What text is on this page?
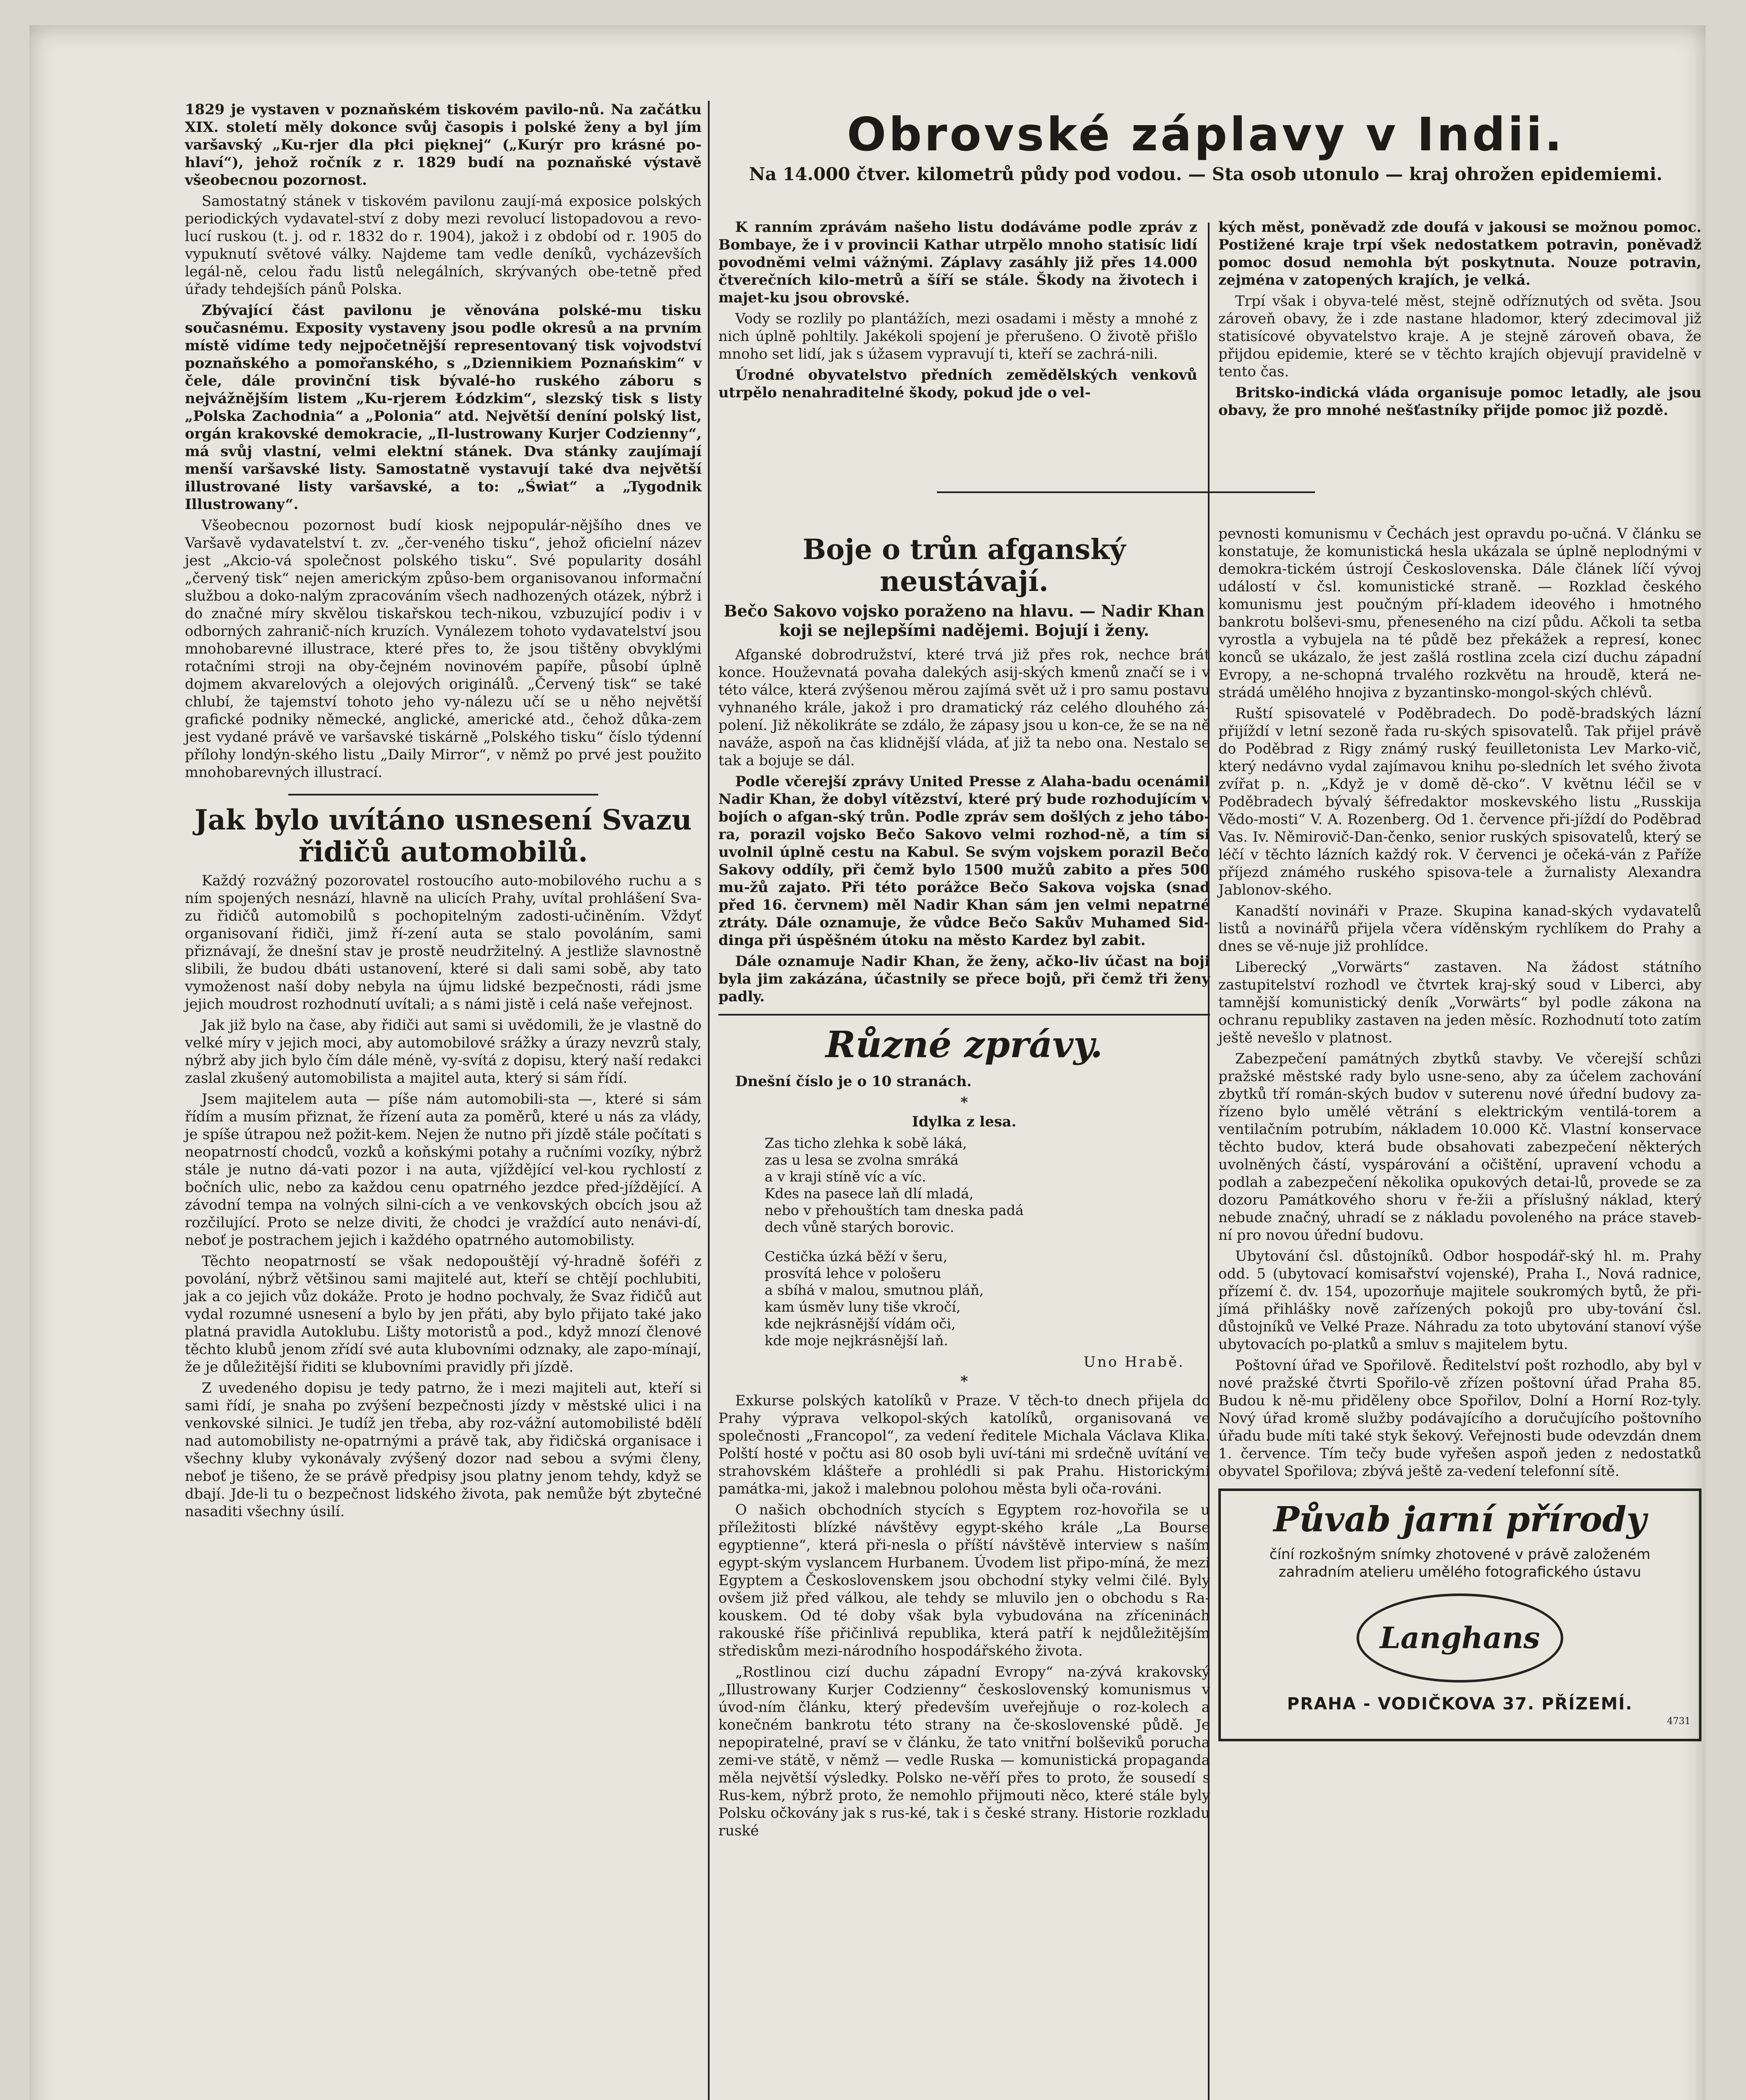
1829 je vystaven v poznaňském tiskovém pavilo-nů. Na začátku XIX. století měly dokonce svůj časopis i polské ženy a byl jím varšavský „Ku-rjer dla płci pięknej“ („Kurýr pro krásné po-hlaví“), jehož ročník z r. 1829 budí na poznaňské výstavě všeobecnou pozornost.

Samostatný stánek v tiskovém pavilonu zaují-má exposice polských periodických vydavatel-ství z doby mezi revolucí listopadovou a revo-lucí ruskou (t. j. od r. 1832 do r. 1904), jakož i z období od r. 1905 do vypuknutí světové války. Najdeme tam vedle deníků, vycházevších legál-ně, celou řadu listů nelegálních, skrývaných obe-tetně před úřady tehdejších pánů Polska.

Zbývající část pavilonu je věnována polské-mu tisku současnému. Exposity vystaveny jsou podle okresů a na prvním místě vidíme tedy nejpočetnější representovaný tisk vojvodství poznaňského a pomořanského, s „Dziennikiem Poznańskim“ v čele, dále provinční tisk bývalé-ho ruského záboru s nejvážnějším listem „Ku-rjerem Łódzkim“, slezský tisk s listy „Polska Zachodnia“ a „Polonia“ atd. Největší deníní polský list, orgán krakovské demokracie, „Il-lustrowany Kurjer Codzienny“, má svůj vlastní, velmi elektní stánek. Dva stánky zaujímají menší varšavské listy. Samostatně vystavují také dva největší illustrované listy varšavské, a to: „Świat“ a „Tygodnik Illustrowany“.

Všeobecnou pozornost budí kiosk nejpopulár-nějšího dnes ve Varšavě vydavatelství t. zv. „čer-veného tisku“, jehož oficielní název jest „Akcio-vá společnost polského tisku“. Své popularity dosáhl „červený tisk“ nejen americkým způso-bem organisovanou informační službou a doko-nalým zpracováním všech nadhozených otázek, nýbrž i do značné míry skvělou tiskařskou tech-nikou, vzbuzující podiv i v odborných zahranič-ních kruzích. Vynálezem tohoto vydavatelství jsou mnohobarevné illustrace, které přes to, že jsou tištěny obvyklými rotačními stroji na oby-čejném novinovém papíře, působí úplně dojmem akvarelových a olejových originálů. „Červený tisk“ se také chlubí, že tajemství tohoto jeho vy-nálezu učí se u něho největší grafické podniky německé, anglické, americké atd., čehož důka-zem jest vydané právě ve varšavské tiskárně „Polského tisku“ číslo týdenní přílohy londýn-ského listu „Daily Mirror“, v němž po prvé jest použito mnohobarevných illustrací.

Jak bylo uvítáno usnesení Svazu řidičů automobilů.

Každý rozvážný pozorovatel rostoucího auto-mobilového ruchu a s ním spojených nesnází, hlavně na ulicích Prahy, uvítal prohlášení Sva-zu řidičů automobilů s pochopitelným zadosti-učiněním. Vždyť organisovaní řidiči, jimž ří-zení auta se stalo povoláním, sami přiznávají, že dnešní stav je prostě neudržitelný. A jestliže slavnostně slibili, že budou dbáti ustanovení, které si dali sami sobě, aby tato vymoženost naší doby nebyla na újmu lidské bezpečnosti, rádi jsme jejich moudrost rozhodnutí uvítali; a s námi jistě i celá naše veřejnost.

Jak již bylo na čase, aby řidiči aut sami si uvědomili, že je vlastně do velké míry v jejich moci, aby automobilové srážky a úrazy nevzrů staly, nýbrž aby jich bylo čím dále méně, vy-svítá z dopisu, který naší redakci zaslal zkušený automobilista a majitel auta, který si sám řídí.

Jsem majitelem auta — píše nám automobili-sta —, které si sám řídím a musím přiznat, že řízení auta za poměrů, které u nás za vlády, je spíše útrapou než požit-kem. Nejen že nutno při jízdě stále počítati s neopatrností chodců, vozků a koňskými potahy a ručními vozíky, nýbrž stále je nutno dá-vati pozor i na auta, vjíždějící vel-kou rychlostí z bočních ulic, nebo za každou cenu opatrného jezdce před-jíždějící. A závodní tempa na volných silni-cích a ve venkovských obcích jsou až rozčilující. Proto se nelze diviti, že chodci je vraždící auto nenávi-dí, neboť je postrachem jejich i každého opatrného automobilisty.

Těchto neopatrností se však nedopouštějí vý-hradně šoféři z povolání, nýbrž většinou sami majitelé aut, kteří se chtějí pochlubiti, jak a co jejich vůz dokáže. Proto je hodno pochvaly, že Svaz řidičů aut vydal rozumné usnesení a bylo by jen přáti, aby bylo přijato také jako platná pravidla Autoklubu. Lišty motoristů a pod., když mnozí členové těchto klubů jenom zřídí své auta klubovními odznaky, ale zapo-mínají, že je důležitější řiditi se klubovními pravidly při jízdě.

Z uvedeného dopisu je tedy patrno, že i mezi majiteli aut, kteří si sami řídí, je snaha po zvýšení bezpečnosti jízdy v městské ulici i na venkovské silnici. Je tudíž jen třeba, aby roz-vážní automobilisté bdělí nad automobilisty ne-opatrnými a právě tak, aby řidičská organisace i všechny kluby vykonávaly zvýšený dozor nad sebou a svými členy, neboť je tišeno, že se právě předpisy jsou platny jenom tehdy, když se dbají. Jde-li tu o bezpečnost lidského života, pak nemůže být zbytečné nasaditi všechny úsilí.

Obrovské záplavy v Indii.
Na 14.000 čtver. kilometrů půdy pod vodou. — Sta osob utonulo — kraj ohrožen epidemiemi.

K ranním zprávám našeho listu dodáváme podle zpráv z Bombaye, že i v provincii Kathar utrpělo mnoho statisíc lidí povodněmi velmi vážnými. Záplavy zasáhly již přes 14.000 čtverečních kilo-metrů a šíří se stále. Škody na životech i majet-ku jsou obrovské.

Vody se rozlily po plantážích, mezi osadami i městy a mnohé z nich úplně pohltily. Jakékoli spojení je přerušeno. O životě přišlo mnoho set lidí, jak s úžasem vypravují ti, kteří se zachrá-nili.

Úrodné obyvatelstvo předních zemědělských venkovů utrpělo nenahraditelné škody, pokud jde o vel-

kých měst, poněvadž zde doufá v jakousi se možnou pomoc. Postižené kraje trpí všek nedostatkem potravin, poněvadž pomoc dosud nemohla být poskytnuta. Nouze potravin, zejména v zatopených krajích, je velká.

Trpí však i obyva-telé měst, stejně odříznutých od světa. Jsou zároveň obavy, že i zde nastane hladomor, který zdecimoval již statisícové obyvatelstvo kraje. A je stejně zároveň obava, že přijdou epidemie, které se v těchto krajích objevují pravidelně v tento čas.

Britsko-indická vláda organisuje pomoc letadly, ale jsou obavy, že pro mnohé nešťastníky přijde pomoc již pozdě.

Boje o trůn afganský neustávají.
Bečo Sakovo vojsko poraženo na hlavu. — Nadir Khan koji se nejlepšími nadějemi. Bojují i ženy.

Afganské dobrodružství, které trvá již přes rok, nechce brát konce. Houževnatá povaha dalekých asij-ských kmenů značí se i v této válce, která zvýšenou měrou zajímá svět už i pro samu postavu vyhnaného krále, jakož i pro dramatický ráz celého dlouhého zá-polení. Již několikráte se zdálo, že zápasy jsou u kon-ce, že se na ně naváže, aspoň na čas klidnější vláda, ať již ta nebo ona. Nestalo se tak a bojuje se dál.

Podle včerejší zprávy United Presse z Alaha-badu ocenámil Nadir Khan, že dobyl vítězství, které prý bude rozhodujícím v bojích o afgan-ský trůn. Podle zpráv sem došlých z jeho tábo-ra, porazil vojsko Bečo Sakovo velmi rozhod-ně, a tím si uvolnil úplně cestu na Kabul. Se svým vojskem porazil Bečo Sakovy oddíly, při čemž bylo 1500 mužů zabito a přes 500 mu-žů zajato. Při této porážce Bečo Sakova vojska (snad před 16. červnem) měl Nadir Khan sám jen velmi nepatrné ztráty. Dále oznamuje, že vůdce Bečo Sakův Muhamed Sid-dinga při úspěšném útoku na město Kardez byl zabit.

Dále oznamuje Nadir Khan, že ženy, ačko-liv účast na boji byla jim zakázána, účastnily se přece bojů, při čemž tři ženy padly.

Různé zprávy.

Dnešní číslo je o 10 stranách.

*
Idylka z lesa.
Zas ticho zlehka k sobě láká,
zas u lesa se zvolna smráká
a v kraji stíně víc a víc.
Kdes na pasece laň dlí mladá,
nebo v přehouštích tam dneska padá
dech vůně starých borovic.
Cestička úzká běží v šeru,
prosvítá lehce v pološeru
a sbíhá v malou, smutnou pláň,
kam úsměv luny tiše vkročí,
kde nejkrásnější vídám oči,
kde moje nejkrásnější laň.
Uno Hrabě.
*

Exkurse polských katolíků v Praze. V těch-to dnech přijela do Prahy výprava velkopol-ských katolíků, organisovaná ve společnosti „Francopol“, za vedení ředitele Michala Václava Klika. Polští hosté v počtu asi 80 osob byli uví-táni mi srdečně uvítání ve strahovském klášteře a prohlédli si pak Prahu. Historickými památka-mi, jakož i malebnou polohou města byli oča-rováni.

O našich obchodních stycích s Egyptem roz-hovořila se u příležitosti blízké návštěvy egypt-ského krále „La Bourse egyptienne“, která při-nesla o příští návštěvě interview s naším egypt-ským vyslancem Hurbanem. Úvodem list připo-míná, že mezi Egyptem a Československem jsou obchodní styky velmi čilé. Byly ovšem již před válkou, ale tehdy se mluvilo jen o obchodu s Ra-kouskem. Od té doby však byla vybudována na zříceninách rakouské říše přičinlivá republika, která patří k nejdůležitějším střediskům mezi-národního hospodářského života.

„Rostlinou cizí duchu západní Evropy“ na-zývá krakovský „Illustrowany Kurjer Codzienny“ československý komunismus v úvod-ním článku, který především uveřejňuje o roz-kolech a konečném bankrotu této strany na če-skoslovenské půdě. Je nepopiratelné, praví se v článku, že tato vnitřní bolševiků porucha zemi-ve státě, v němž — vedle Ruska — komunistická propaganda měla největší výsledky. Polsko ne-věří přes to proto, že sousedí s Rus-kem, nýbrž proto, že nemohlo přijmouti něco, které stále byly Polsku očkovány jak s rus-ké, tak i s české strany. Historie rozkladu ruské

pevnosti komunismu v Čechách jest opravdu po-učná. V článku se konstatuje, že komunistická hesla ukázala se úplně neplodnými v demokra-tickém ústrojí Československa. Dále článek líčí vývoj událostí v čsl. komunistické straně. — Rozklad českého komunismu jest poučným pří-kladem ideového i hmotného bankrotu bolševi-smu, přeneseného na cizí půdu. Ačkoli ta setba vyrostla a vybujela na té půdě bez překážek a represí, konec konců se ukázalo, že jest zašlá rostlina zcela cizí duchu západní Evropy, a ne-schopná trvalého rozkvětu na hroudě, která ne-strádá umělého hnojiva z byzantinsko-mongol-ských chlévů.

Ruští spisovatelé v Poděbradech. Do podě-bradských lázní přijíždí v letní sezoně řada ru-ských spisovatelů. Tak přijel právě do Poděbrad z Rigy známý ruský feuilletonista Lev Marko-vič, který nedávno vydal zajímavou knihu po-sledních let svého života zvířat p. n. „Když je v domě dě-cko“. V květnu léčil se v Poděbradech bývalý šéfredaktor moskevského listu „Russkija Vědo-mosti“ V. A. Rozenberg. Od 1. července při-jíždí do Poděbrad Vas. Iv. Němirovič-Dan-čenko, senior ruských spisovatelů, který se léčí v těchto lázních každý rok. V červenci je očeká-ván z Paříže příjezd známého ruského spisova-tele a žurnalisty Alexandra Jablonov-ského.

Kanadští novináři v Praze. Skupina kanad-ských vydavatelů listů a novinářů přijela včera víděnským rychlíkem do Prahy a dnes se vě-nuje již prohlídce.

Liberecký „Vorwärts“ zastaven. Na žádost státního zastupitelství rozhodl ve čtvrtek kraj-ský soud v Liberci, aby tamnější komunistický deník „Vorwärts“ byl podle zákona na ochranu republiky zastaven na jeden měsíc. Rozhodnutí toto zatím ještě nevešlo v platnost.

Zabezpečení památných zbytků stavby. Ve včerejší schůzi pražské městské rady bylo usne-seno, aby za účelem zachování zbytků tří román-ských budov v suterenu nové úřední budovy za-řízeno bylo umělé větrání s elektrickým ventilá-torem a ventilačním potrubím, nákladem 10.000 Kč. Vlastní konservace těchto budov, která bude obsahovati zabezpečení některých uvolněných částí, vyspárování a očištění, upravení vchodu a podlah a zabezpečení několika opukových detai-lů, provede se za dozoru Památkového shoru v ře-žii a příslušný náklad, který nebude značný, uhradí se z nákladu povoleného na práce staveb-ní pro novou úřední budovu.

Ubytování čsl. důstojníků. Odbor hospodář-ský hl. m. Prahy odd. 5 (ubytovací komisařství vojenské), Praha I., Nová radnice, přízemí č. dv. 154, upozorňuje majitele soukromých bytů, že při-jímá přihlášky nově zařízených pokojů pro uby-tování čsl. důstojníků ve Velké Praze. Náhradu za toto ubytování stanoví výše ubytovacích po-platků a smluv s majitelem bytu.

Poštovní úřad ve Spořilově. Ředitelství pošt rozhodlo, aby byl v nové pražské čtvrti Spořilo-vě zřízen poštovní úřad Praha 85. Budou k ně-mu přiděleny obce Spořilov, Dolní a Horní Roz-tyly. Nový úřad kromě služby podávajícího a doručujícího poštovního úřadu bude míti také styk šekový. Veřejnosti bude odevzdán dnem 1. července. Tím tečy bude vyřešen aspoň jeden z nedostatků obyvatel Spořilova; zbývá ještě za-vedení telefonní sítě.

Půvab jarní přírody
číní rozkošným snímky zhotovené v právě založeném zahradním atelieru umělého fotografického ústavu
Langhans
PRAHA - VODIČKOVA 37. PŘÍZEMÍ.
4731
